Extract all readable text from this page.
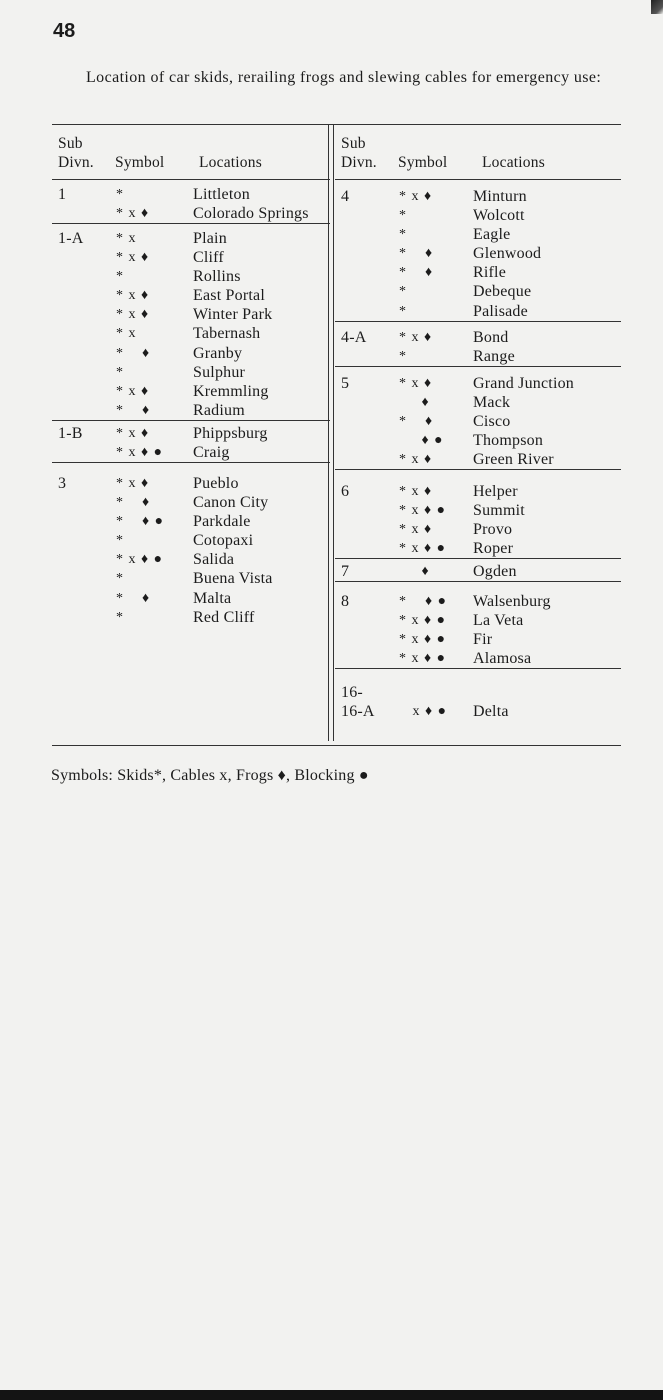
48
Location of car skids, rerailing frogs and slewing cables for emergency use:
Sub
Divn. Symbol Locations
1	*	Littleton
* x ♦	Colorado Springs
1-A * x	Plain
* x ♦	Cliff
*	Rollins
* x ♦	East Portal
* x ♦	Winter Park
* x	Tabernash
*    ♦	Granby
*	Sulphur
* x ♦	Kremmling
*    ♦	Radium
1-B * x ♦	Phippsburg
* x ♦ ● Craig
3	* x ♦	Pueblo
*    ♦	Canon City
*    ♦ ● Parkdale
*	Cotopaxi
* x ♦ ● Salida
*	Buena Vista
*    ♦	Malta
*	Red Cliff
Sub
Divn. Symbol Locations
4	* x ♦	Minturn
*	Wolcott
*	Eagle
*    ♦ Glenwood
*    ♦ Rifle
*	Debeque
*	Palisade
4-A * x ♦	Bond
*	Range
5	* x ♦	Grand Junction
♦	Mack
*    ♦ Cisco
♦ ● Thompson
* x ♦	Green River
6	* x ♦	Helper
* x ♦ ● Summit
* x ♦	Provo
* x ♦ ● Roper
7	♦	Ogden
8	*    ♦ ● Walsenburg
* x ♦ ● La Veta
* x ♦ ● Fir
* x ♦ ● Alamosa
16-
16-A x ♦ ● Delta
Symbols: Skids*, Cables x, Frogs ♦, Blocking ●
